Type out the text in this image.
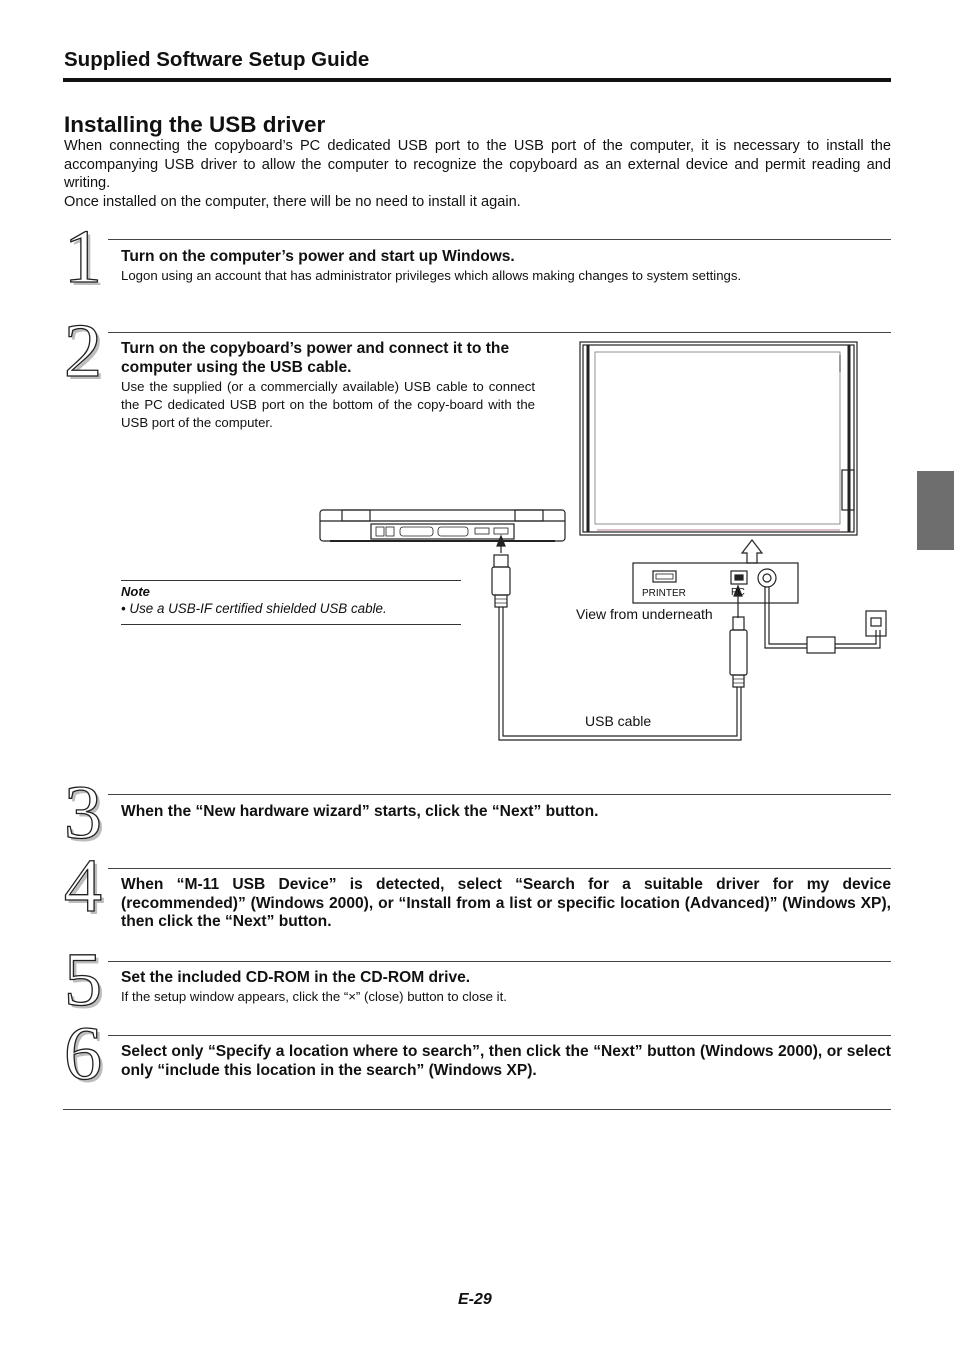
Supplied Software Setup Guide
Installing the USB driver

When connecting the copyboard’s PC dedicated USB port to the USB port of the computer, it is necessary to install the accompanying USB driver to allow the computer to recognize the copyboard as an external device and permit reading and writing.

Once installed on the computer, there will be no need to install it again.

1 Turn on the computer’s power and start up Windows.
Logon using an account that has administrator privileges which allows making changes to system settings.
2 Turn on the copyboard’s power and connect it to the computer using the USB cable.
Use the supplied (or a commercially available) USB cable to connect the PC dedicated USB port on the bottom of the copy-board with the USB port of the computer.
Note
• Use a USB-IF certified shielded USB cable.	View from underneath
USB cable
PRINTER	PC
3 When the “New hardware wizard” starts, click the “Next” button.
4 When “M-11 USB Device” is detected, select “Search for a suitable driver for my device (recommended)” (Windows 2000), or “Install from a list or specific location (Advanced)” (Windows XP), then click the “Next” button.
5 Set the included CD-ROM in the CD-ROM drive.
If the setup window appears, click the “×” (close) button to close it.
6 Select only “Specify a location where to search”, then click the “Next” button (Windows 2000), or select only “include this location in the search” (Windows XP).
E-29
